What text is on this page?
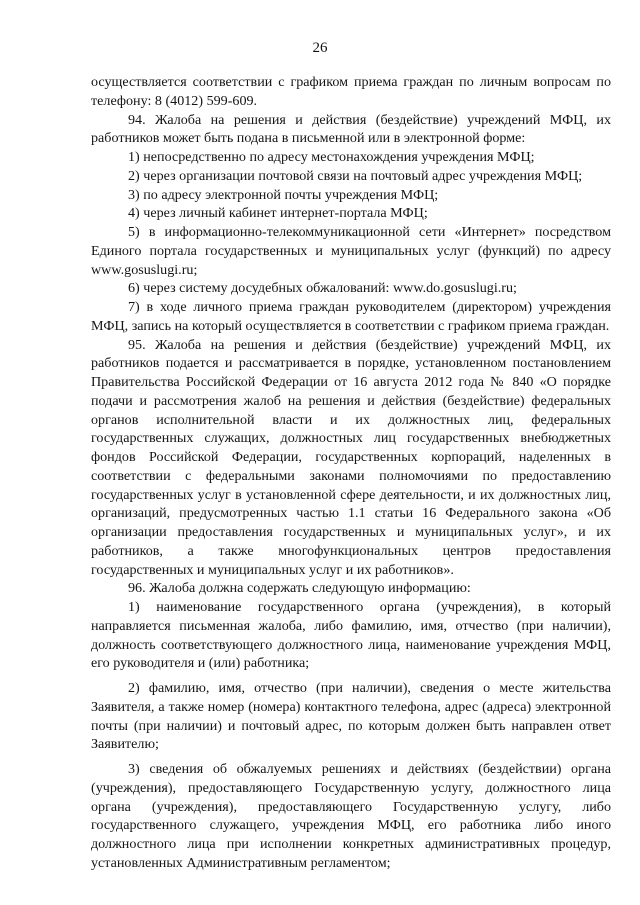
26

осуществляется соответствии с графиком приема граждан по личным вопросам по телефону: 8 (4012) 599-609.

94. Жалоба на решения и действия (бездействие) учреждений МФЦ, их работников может быть подана в письменной или в электронной форме:

1) непосредственно по адресу местонахождения учреждения МФЦ;

2) через организации почтовой связи на почтовый адрес учреждения МФЦ;

3) по адресу электронной почты учреждения МФЦ;

4) через личный кабинет интернет-портала МФЦ;

5) в информационно-телекоммуникационной сети «Интернет» посредством Единого портала государственных и муниципальных услуг (функций) по адресу www.gosuslugi.ru;

6) через систему досудебных обжалований: www.do.gosuslugi.ru;

7) в ходе личного приема граждан руководителем (директором) учреждения МФЦ, запись на который осуществляется в соответствии с графиком приема граждан.

95. Жалоба на решения и действия (бездействие) учреждений МФЦ, их работников подается и рассматривается в порядке, установленном постановлением Правительства Российской Федерации от 16 августа 2012 года № 840 «О порядке подачи и рассмотрения жалоб на решения и действия (бездействие) федеральных органов исполнительной власти и их должностных лиц, федеральных государственных служащих, должностных лиц государственных внебюджетных фондов Российской Федерации, государственных корпораций, наделенных в соответствии с федеральными законами полномочиями по предоставлению государственных услуг в установленной сфере деятельности, и их должностных лиц, организаций, предусмотренных частью 1.1 статьи 16 Федерального закона «Об организации предоставления государственных и муниципальных услуг», и их работников, а также многофункциональных центров предоставления государственных и муниципальных услуг и их работников».

96. Жалоба должна содержать следующую информацию:

1) наименование государственного органа (учреждения), в который направляется письменная жалоба, либо фамилию, имя, отчество (при наличии), должность соответствующего должностного лица, наименование учреждения МФЦ, его руководителя и (или) работника;

2) фамилию, имя, отчество (при наличии), сведения о месте жительства Заявителя, а также номер (номера) контактного телефона, адрес (адреса) электронной почты (при наличии) и почтовый адрес, по которым должен быть направлен ответ Заявителю;

3) сведения об обжалуемых решениях и действиях (бездействии) органа (учреждения), предоставляющего Государственную услугу, должностного лица органа (учреждения), предоставляющего Государственную услугу, либо государственного служащего, учреждения МФЦ, его работника либо иного должностного лица при исполнении конкретных административных процедур, установленных Административным регламентом;
